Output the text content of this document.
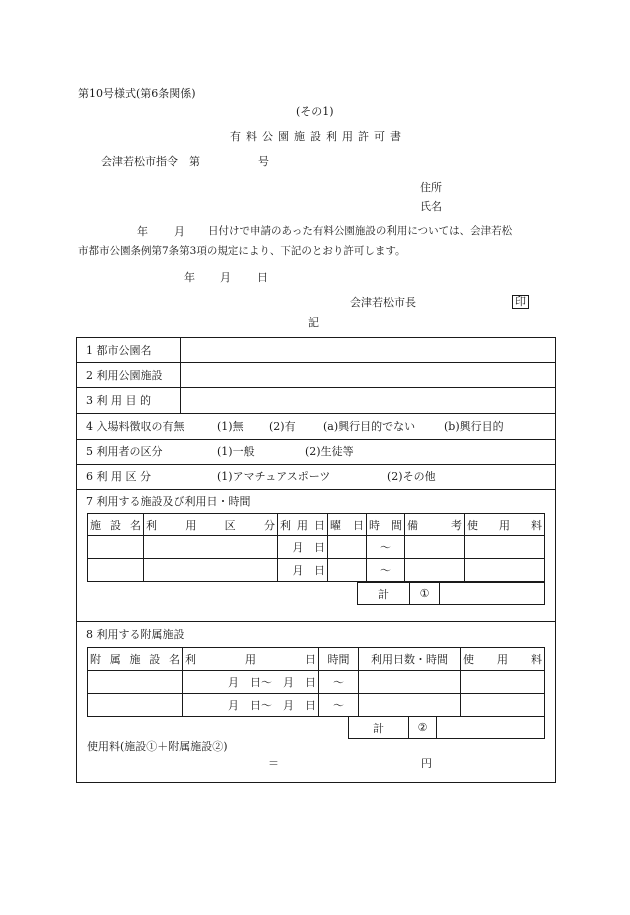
第10号様式(第6条関係)
(その1)
有料公園施設利用許可書
会津若松市指令　第	号
住所
氏名
年 月 日付けで申請のあった有料公園施設の利用については、会津若松
市都市公園条例第7条第3項の規定により、下記のとおり許可します。
年 月 日
会津若松市長	印
記
1 都市公園名
2 利用公園施設
3 利 用 目 的
4 入場料徴収の有無	(1)無 (2)有 (a)興行目的でない	(b)興行目的
5 利用者の区分	(1)一般	(2)生徒等
6 利 用 区 分	(1)アマチュアスポーツ	(2)その他
7 利用する施設及び利用日・時間
施 設 名	利 用 区 分	利 用 日	曜 日	時 間	備 考	使 用 料

		月 日		～		
		月 日		～		
計	①	
8 利用する附属施設
附 属 施 設 名	利 用 日	時間	利用日数・時間	使 用 料

	月　日～　月　日	～		
	月　日～　月　日	～		
計	②	
使用料(施設①＋附属施設②)
＝	円
